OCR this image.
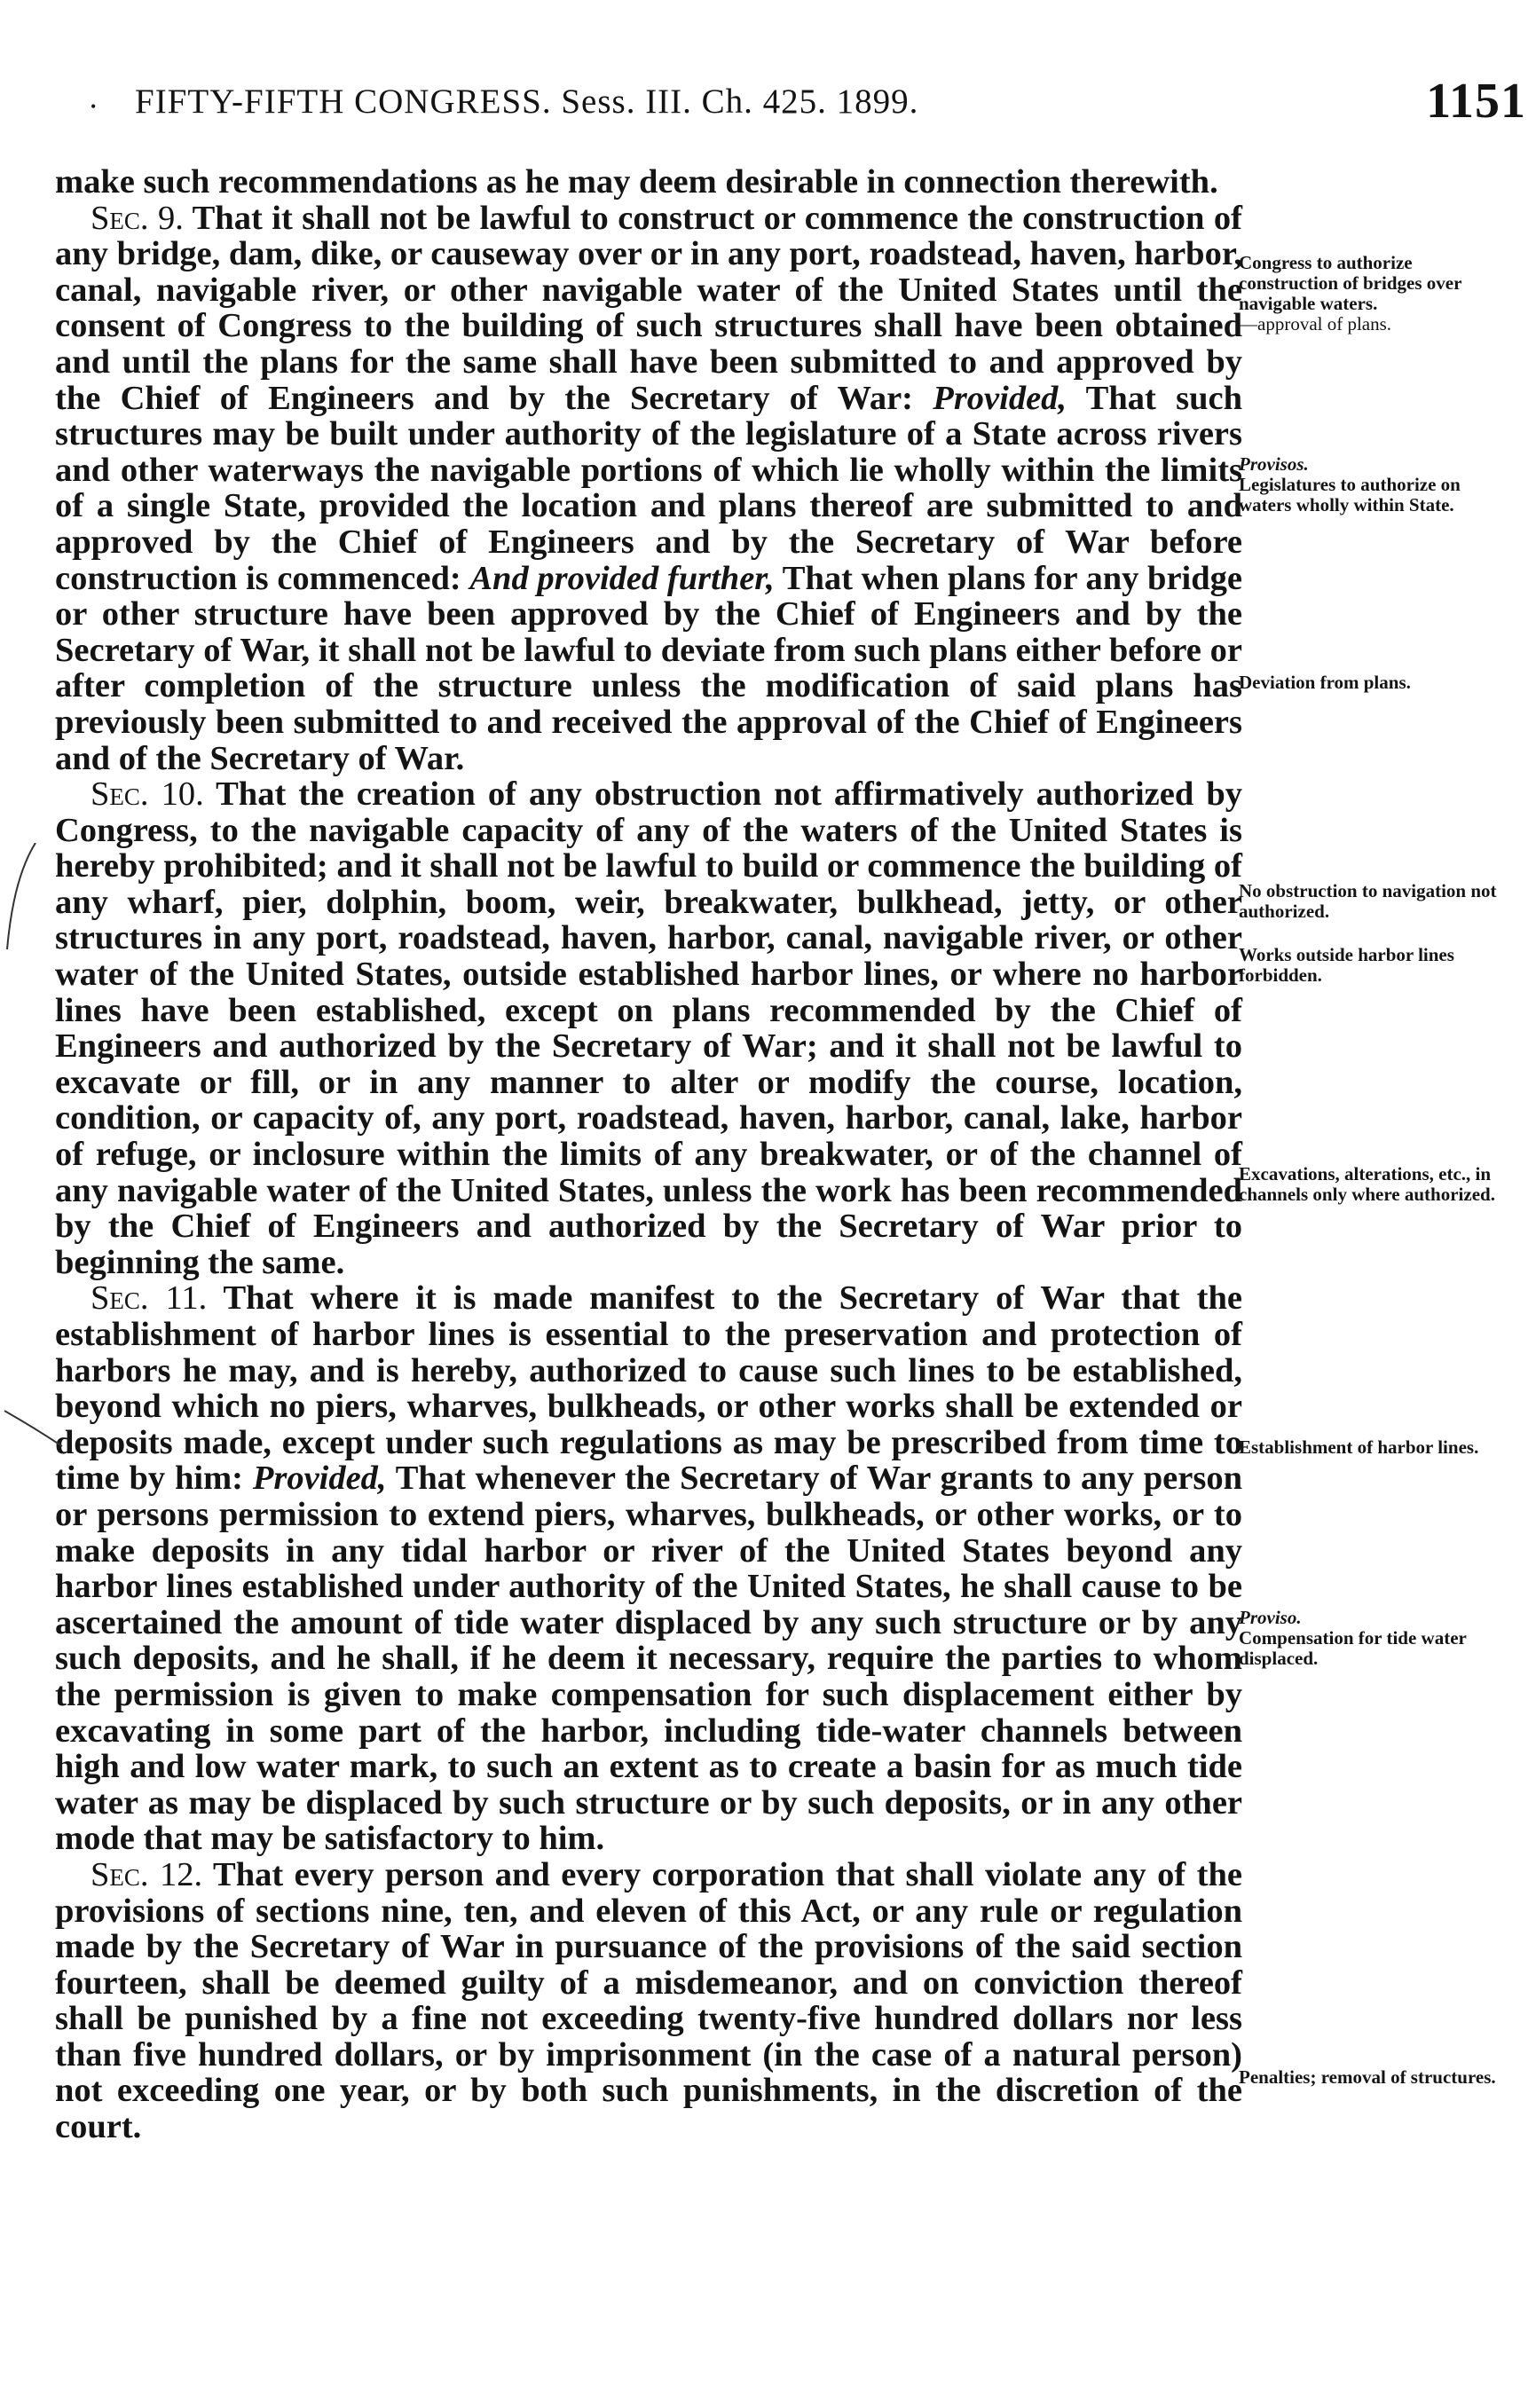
• FIFTY-FIFTH CONGRESS. Sess. III. Ch. 425. 1899.	1151

make such recommendations as he may deem desirable in connection therewith.

Sec. 9. That it shall not be lawful to construct or commence the construction of any bridge, dam, dike, or causeway over or in any port, roadstead, haven, harbor, canal, navigable river, or other navigable water of the United States until the consent of Congress to the building of such structures shall have been obtained and until the plans for the same shall have been submitted to and approved by the Chief of Engineers and by the Secretary of War: Provided, That such structures may be built under authority of the legislature of a State across rivers and other waterways the navigable portions of which lie wholly within the limits of a single State, provided the location and plans thereof are submitted to and approved by the Chief of Engineers and by the Secretary of War before construction is commenced: And provided further, That when plans for any bridge or other structure have been approved by the Chief of Engineers and by the Secretary of War, it shall not be lawful to deviate from such plans either before or after completion of the structure unless the modification of said plans has previously been submitted to and received the approval of the Chief of Engineers and of the Secretary of War.

Sec. 10. That the creation of any obstruction not affirmatively authorized by Congress, to the navigable capacity of any of the waters of the United States is hereby prohibited; and it shall not be lawful to build or commence the building of any wharf, pier, dolphin, boom, weir, breakwater, bulkhead, jetty, or other structures in any port, roadstead, haven, harbor, canal, navigable river, or other water of the United States, outside established harbor lines, or where no harbor lines have been established, except on plans recommended by the Chief of Engineers and authorized by the Secretary of War; and it shall not be lawful to excavate or fill, or in any manner to alter or modify the course, location, condition, or capacity of, any port, roadstead, haven, harbor, canal, lake, harbor of refuge, or inclosure within the limits of any breakwater, or of the channel of any navigable water of the United States, unless the work has been recommended by the Chief of Engineers and authorized by the Secretary of War prior to beginning the same.

Sec. 11. That where it is made manifest to the Secretary of War that the establishment of harbor lines is essential to the preservation and protection of harbors he may, and is hereby, authorized to cause such lines to be established, beyond which no piers, wharves, bulkheads, or other works shall be extended or deposits made, except under such regulations as may be prescribed from time to time by him: Provided, That whenever the Secretary of War grants to any person or persons permission to extend piers, wharves, bulkheads, or other works, or to make deposits in any tidal harbor or river of the United States beyond any harbor lines established under authority of the United States, he shall cause to be ascertained the amount of tide water displaced by any such structure or by any such deposits, and he shall, if he deem it necessary, require the parties to whom the permission is given to make compensation for such displacement either by excavating in some part of the harbor, including tide-water channels between high and low water mark, to such an extent as to create a basin for as much tide water as may be displaced by such structure or by such deposits, or in any other mode that may be satisfactory to him.

Sec. 12. That every person and every corporation that shall violate any of the provisions of sections nine, ten, and eleven of this Act, or any rule or regulation made by the Secretary of War in pursuance of the provisions of the said section fourteen, shall be deemed guilty of a misdemeanor, and on conviction thereof shall be punished by a fine not exceeding twenty-five hundred dollars nor less than five hundred dollars, or by imprisonment (in the case of a natural person) not exceeding one year, or by both such punishments, in the discretion of the court.

Congress to authorize construction of bridges over navigable waters.
—approval of plans.
Provisos.
Legislatures to authorize on waters wholly within State.
Deviation from plans.
No obstruction to navigation not authorized.
Works outside harbor lines forbidden.
Excavations, alterations, etc., in channels only where authorized.
Establishment of harbor lines.
Proviso.
Compensation for tide water displaced.
Penalties; removal of structures.
